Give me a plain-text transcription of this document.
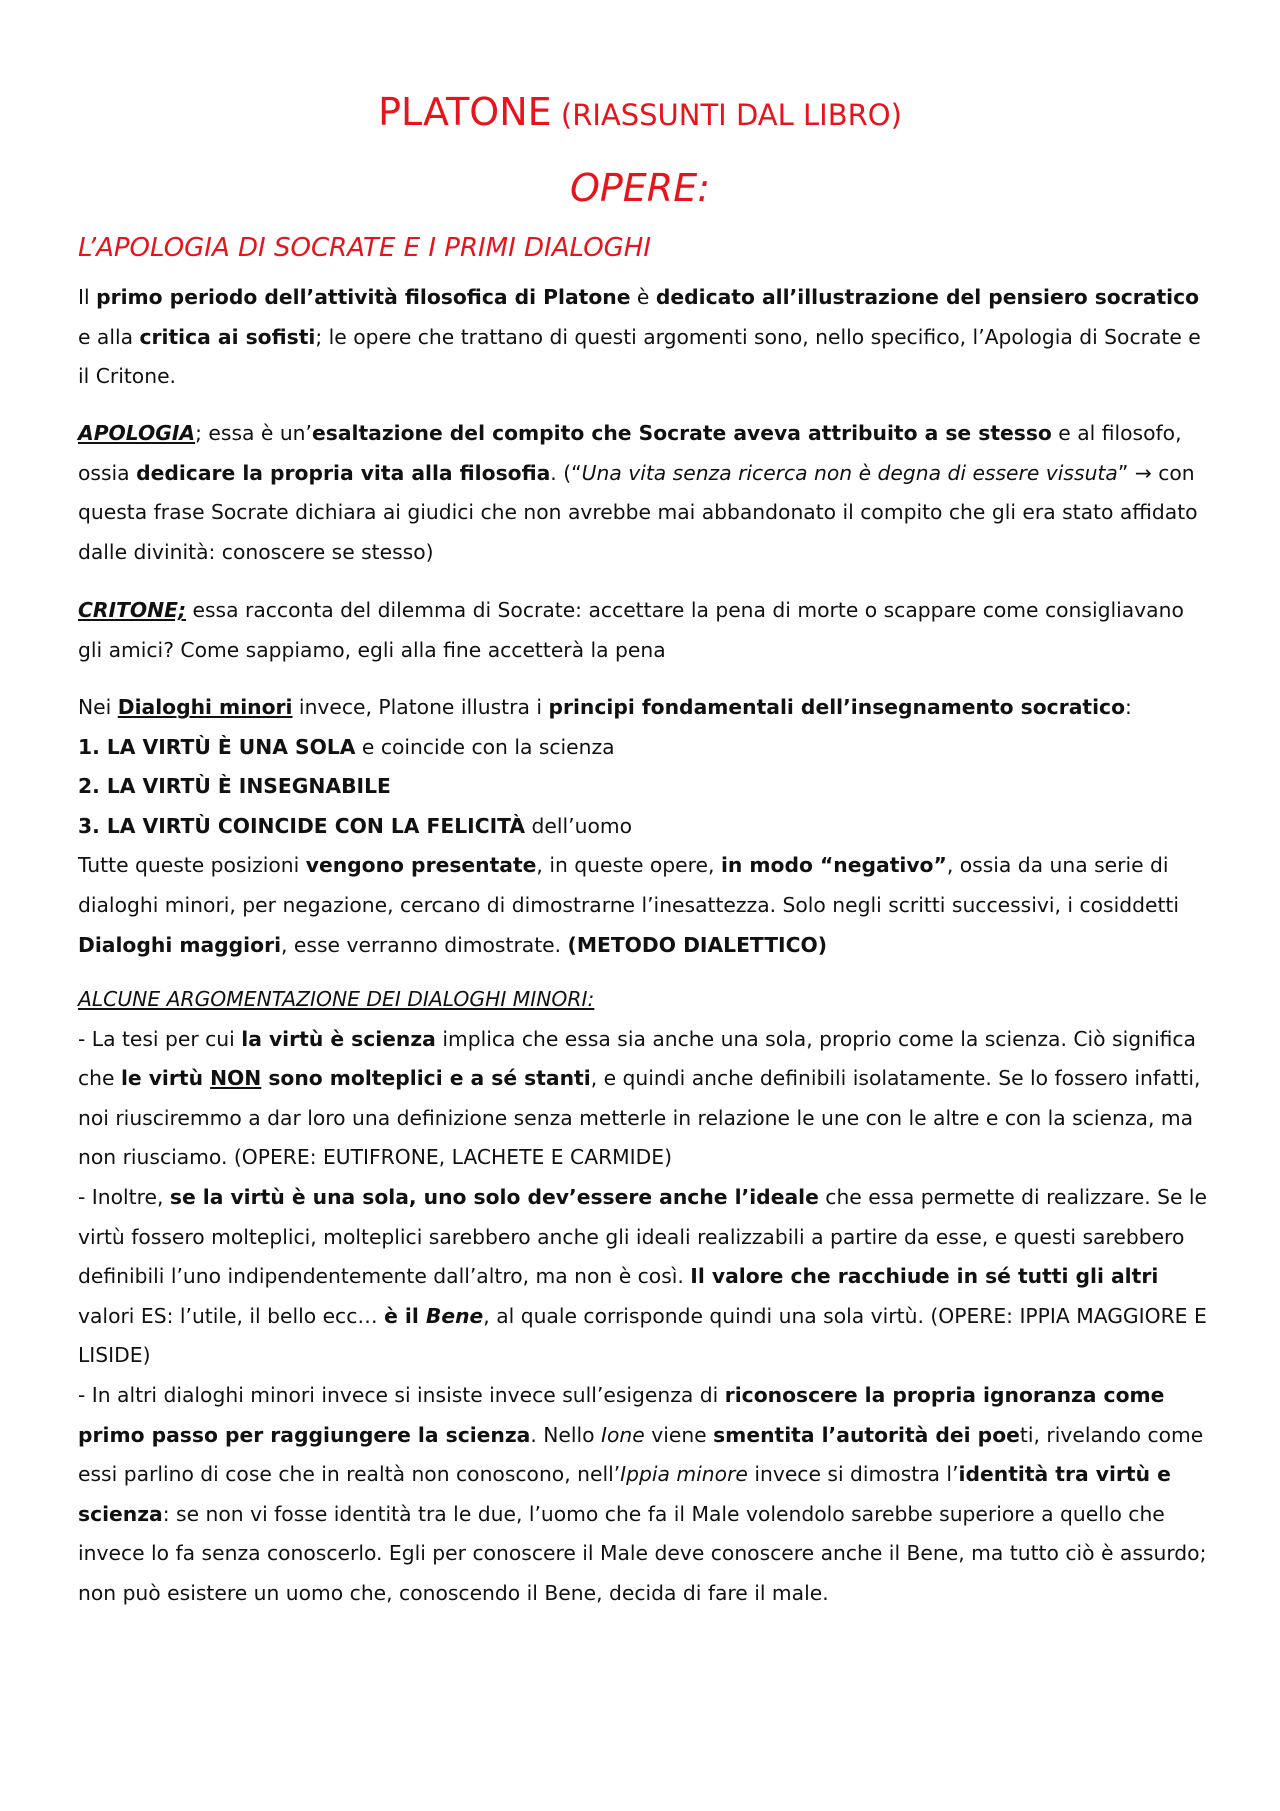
PLATONE (RIASSUNTI DAL LIBRO)
OPERE:
L’APOLOGIA DI SOCRATE E I PRIMI DIALOGHI

Il primo periodo dell’attività filosofica di Platone è dedicato all’illustrazione del pensiero socratico e alla critica ai sofisti; le opere che trattano di questi argomenti sono, nello specifico, l’Apologia di Socrate e il Critone.

APOLOGIA; essa è un’esaltazione del compito che Socrate aveva attribuito a se stesso e al filosofo, ossia dedicare la propria vita alla filosofia. (“Una vita senza ricerca non è degna di essere vissuta” → con questa frase Socrate dichiara ai giudici che non avrebbe mai abbandonato il compito che gli era stato affidato dalle divinità: conoscere se stesso)

CRITONE; essa racconta del dilemma di Socrate: accettare la pena di morte o scappare come consigliavano gli amici? Come sappiamo, egli alla fine accetterà la pena

Nei Dialoghi minori invece, Platone illustra i principi fondamentali dell’insegnamento socratico:

1. LA VIRTÙ È UNA SOLA e coincide con la scienza

2. LA VIRTÙ È INSEGNABILE

3. LA VIRTÙ COINCIDE CON LA FELICITÀ dell’uomo

Tutte queste posizioni vengono presentate, in queste opere, in modo “negativo”, ossia da una serie di dialoghi minori, per negazione, cercano di dimostrarne l’inesattezza. Solo negli scritti successivi, i cosiddetti Dialoghi maggiori, esse verranno dimostrate. (METODO DIALETTICO)

ALCUNE ARGOMENTAZIONE DEI DIALOGHI MINORI:

- La tesi per cui la virtù è scienza implica che essa sia anche una sola, proprio come la scienza. Ciò significa che le virtù NON sono molteplici e a sé stanti, e quindi anche definibili isolatamente. Se lo fossero infatti, noi riusciremmo a dar loro una definizione senza metterle in relazione le une con le altre e con la scienza, ma non riusciamo. (OPERE: EUTIFRONE, LACHETE E CARMIDE)

- Inoltre, se la virtù è una sola, uno solo dev’essere anche l’ideale che essa permette di realizzare. Se le virtù fossero molteplici, molteplici sarebbero anche gli ideali realizzabili a partire da esse, e questi sarebbero definibili l’uno indipendentemente dall’altro, ma non è così. Il valore che racchiude in sé tutti gli altri valori ES: l’utile, il bello ecc… è il Bene, al quale corrisponde quindi una sola virtù. (OPERE: IPPIA MAGGIORE E LISIDE)

- In altri dialoghi minori invece si insiste invece sull’esigenza di riconoscere la propria ignoranza come primo passo per raggiungere la scienza. Nello Ione viene smentita l’autorità dei poeti, rivelando come essi parlino di cose che in realtà non conoscono, nell’Ippia minore invece si dimostra l’identità tra virtù e scienza: se non vi fosse identità tra le due, l’uomo che fa il Male volendolo sarebbe superiore a quello che invece lo fa senza conoscerlo. Egli per conoscere il Male deve conoscere anche il Bene, ma tutto ciò è assurdo; non può esistere un uomo che, conoscendo il Bene, decida di fare il male.
